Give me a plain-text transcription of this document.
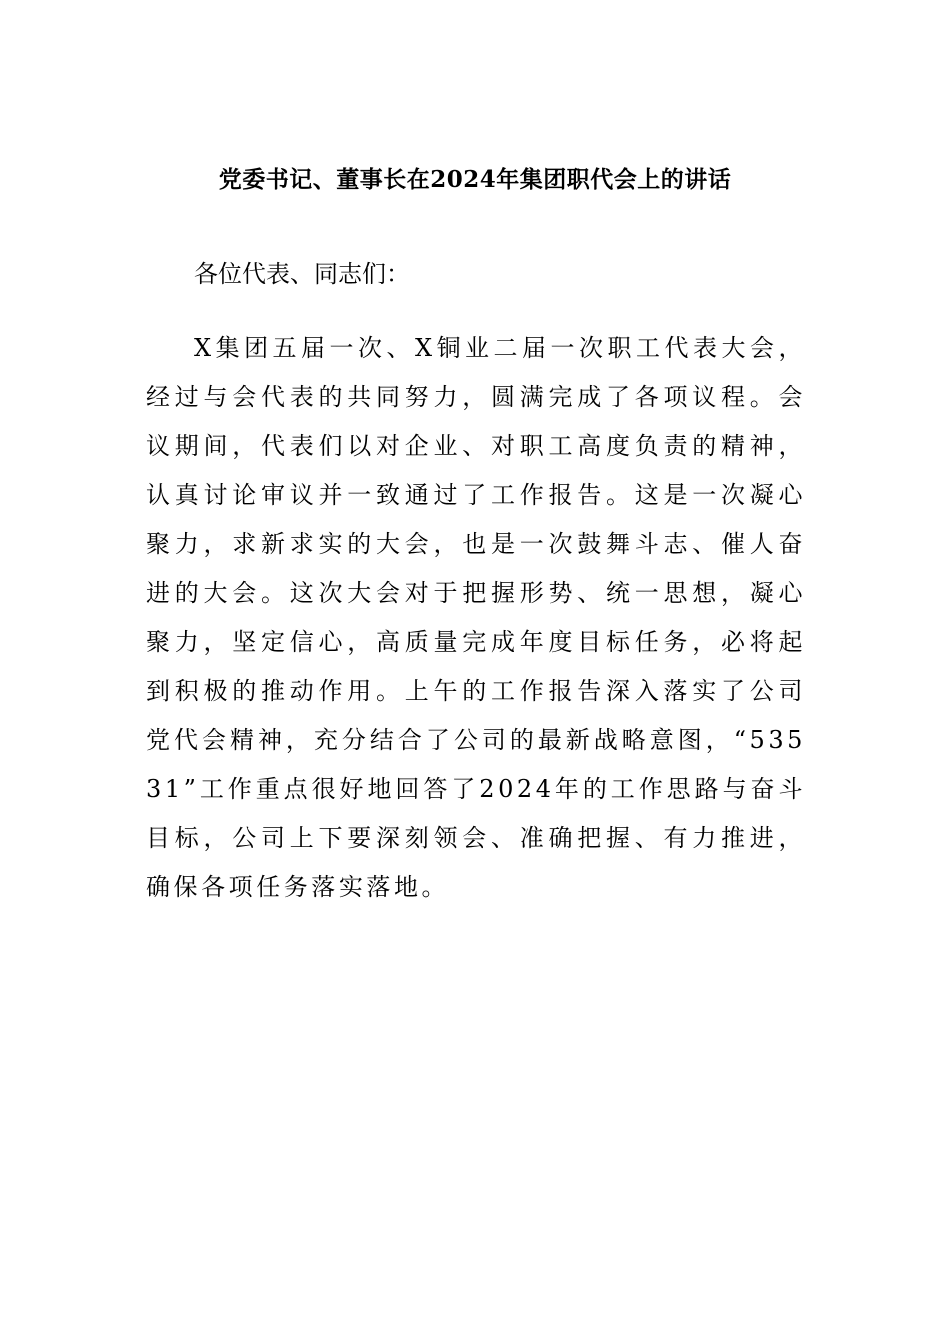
党委书记、董事长在2024年集团职代会上的讲话
各位代表、同志们：
X集团五届一次、X铜业二届一次职工代表大会，经过与会代表的共同努力，圆满完成了各项议程。会议期间，代表们以对企业、对职工高度负责的精神，认真讨论审议并一致通过了工作报告。这是一次凝心聚力，求新求实的大会，也是一次鼓舞斗志、催人奋进的大会。这次大会对于把握形势、统一思想，凝心聚力，坚定信心，高质量完成年度目标任务，必将起到积极的推动作用。上午的工作报告深入落实了公司党代会精神，充分结合了公司的最新战略意图，“53531”工作重点很好地回答了2024年的工作思路与奋斗目标，公司上下要深刻领会、准确把握、有力推进，确保各项任务落实落地。
